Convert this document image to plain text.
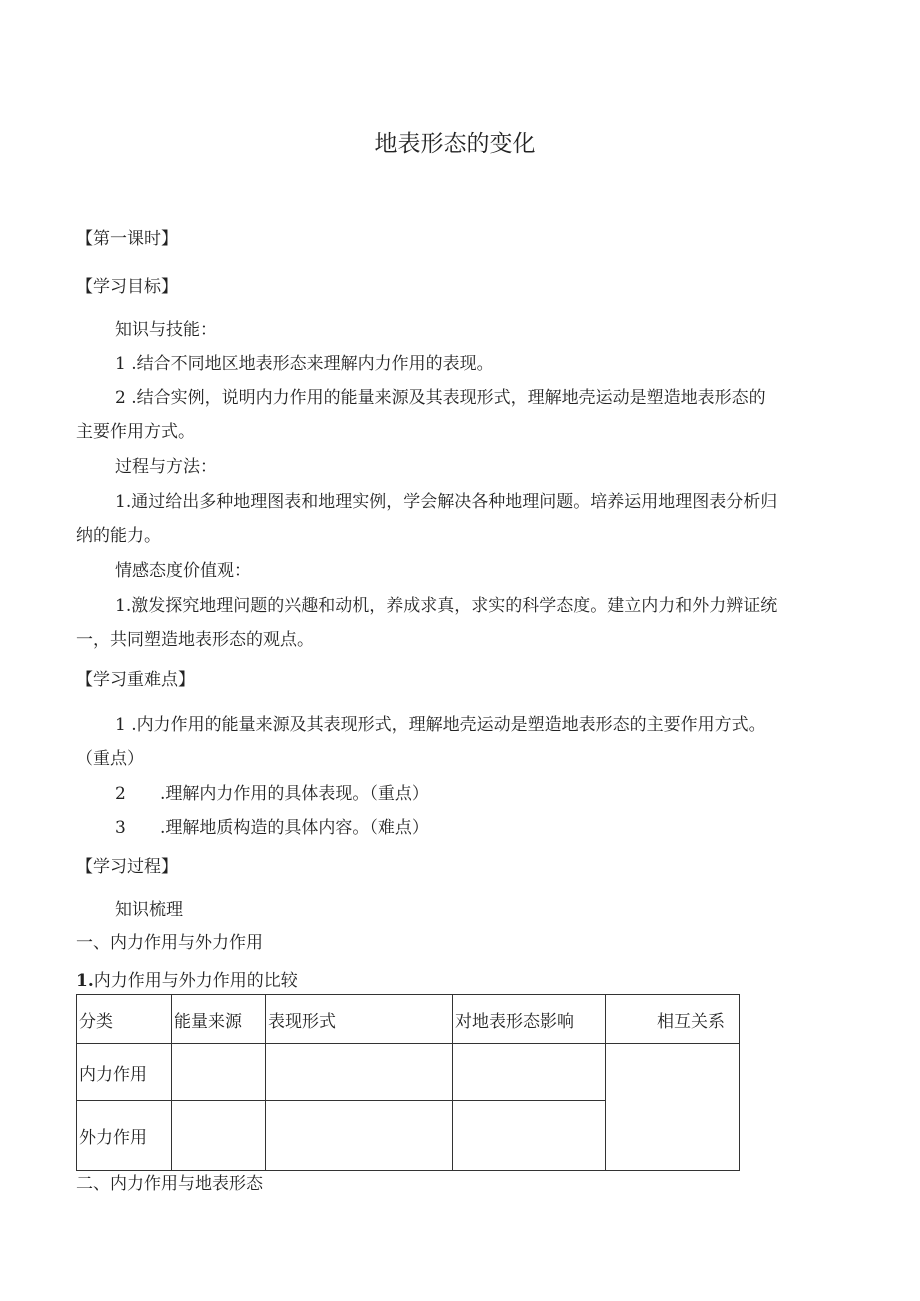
地表形态的变化
【第一课时】
【学习目标】
知识与技能：
1 .结合不同地区地表形态来理解内力作用的表现。
2 .结合实例，说明内力作用的能量来源及其表现形式，理解地壳运动是塑造地表形态的
主要作用方式。
过程与方法：
1.通过给出多种地理图表和地理实例，学会解决各种地理问题。培养运用地理图表分析归
纳的能力。
情感态度价值观：
1.激发探究地理问题的兴趣和动机，养成求真，求实的科学态度。建立内力和外力辨证统
一，共同塑造地表形态的观点。
【学习重难点】
1 .内力作用的能量来源及其表现形式，理解地壳运动是塑造地表形态的主要作用方式。
（重点）
2 .理解内力作用的具体表现。（重点）
3 .理解地质构造的具体内容。（难点）
【学习过程】
知识梳理
一、内力作用与外力作用
1.内力作用与外力作用的比较
分类	能量来源	表现形式	对地表形态影响	相互关系
内力作用				
外力作用				
二、内力作用与地表形态
